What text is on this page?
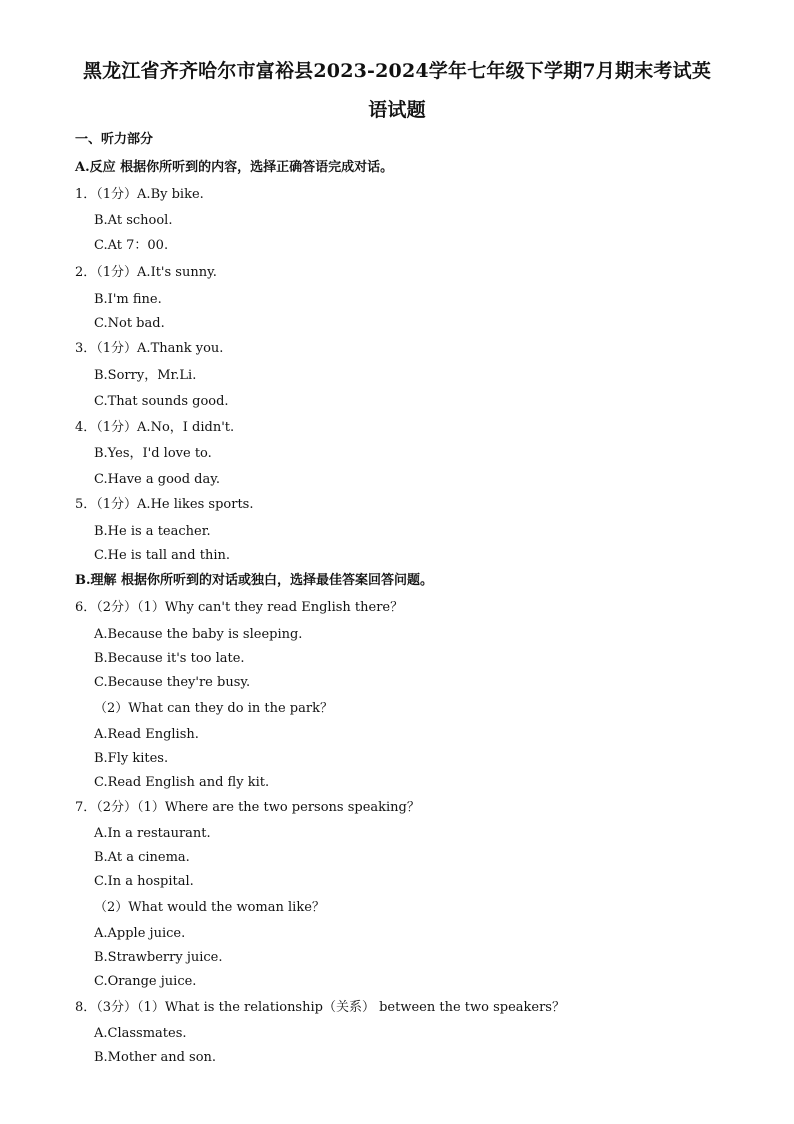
黑龙江省齐齐哈尔市富裕县2023-2024学年七年级下学期7月期末考试英
语试题
一、听力部分
A.反应 根据你所听到的内容，选择正确答语完成对话。
1．（1分）A.By bike.
B.At school.
C.At 7：00.
2．（1分）A.It's sunny.
B.I'm fine.
C.Not bad.
3．（1分）A.Thank you.
B.Sorry，Mr.Li.
C.That sounds good.
4．（1分）A.No，I didn't.
B.Yes，I'd love to.
C.Have a good day.
5．（1分）A.He likes sports.
B.He is a teacher.
C.He is tall and thin.
B.理解 根据你所听到的对话或独白，选择最佳答案回答问题。
6．（2分）（1）Why can't they read English there？
A.Because the baby is sleeping.
B.Because it's too late.
C.Because they're busy.
（2）What can they do in the park？
A.Read English.
B.Fly kites.
C.Read English and fly kit.
7．（2分）（1）Where are the two persons speaking？
A.In a restaurant.
B.At a cinema.
C.In a hospital.
（2）What would the woman like？
A.Apple juice.
B.Strawberry juice.
C.Orange juice.
8．（3分）（1）What is the relationship（关系） between the two speakers？
A.Classmates.
B.Mother and son.
